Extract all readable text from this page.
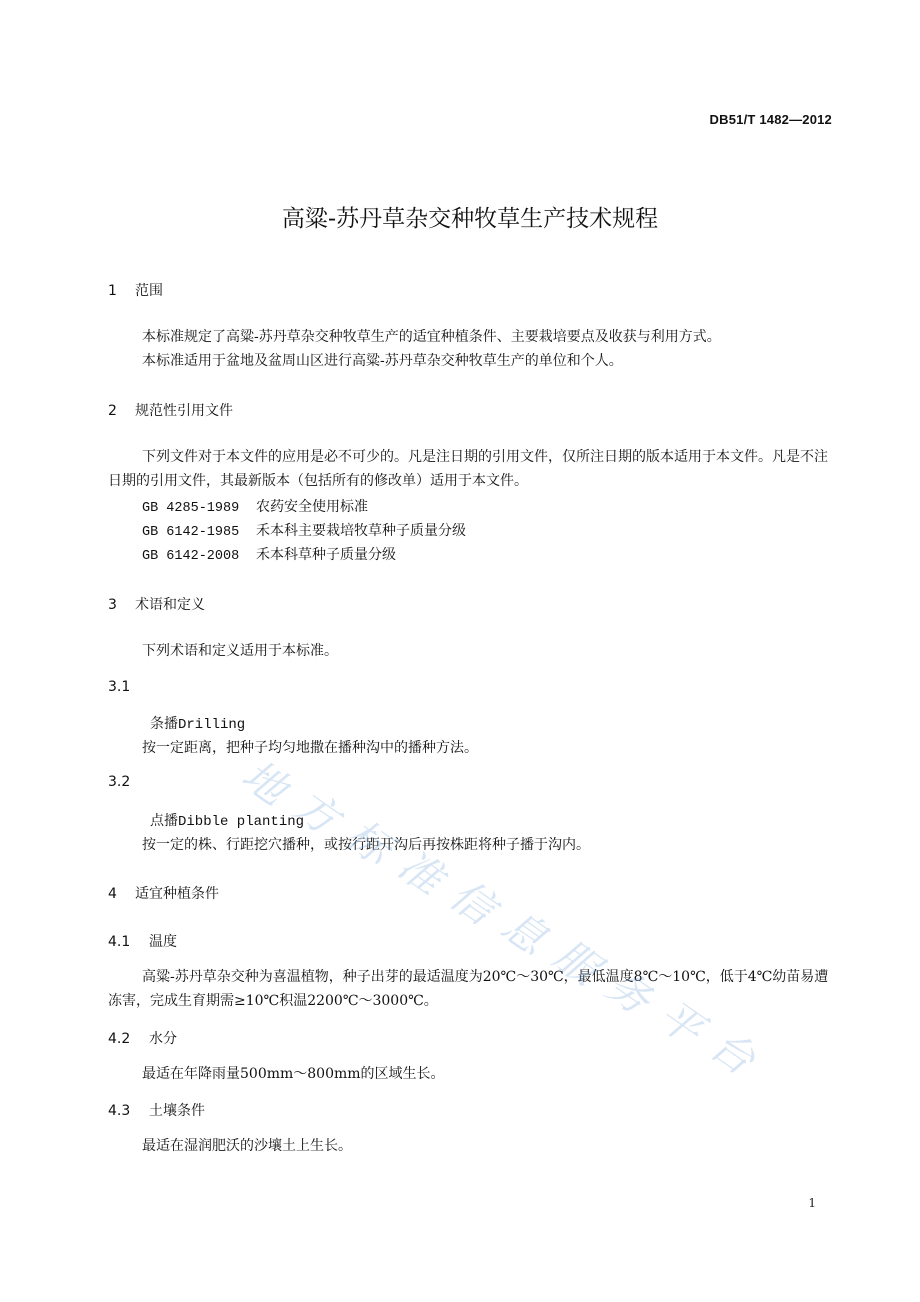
DB51/T 1482—2012
高粱-苏丹草杂交种牧草生产技术规程
1 范围
本标准规定了高粱-苏丹草杂交种牧草生产的适宜种植条件、主要栽培要点及收获与利用方式。
本标准适用于盆地及盆周山区进行高粱-苏丹草杂交种牧草生产的单位和个人。
2 规范性引用文件
下列文件对于本文件的应用是必不可少的。凡是注日期的引用文件，仅所注日期的版本适用于本文件。凡是不注日期的引用文件，其最新版本（包括所有的修改单）适用于本文件。
GB 4285-1989 农药安全使用标准
GB 6142-1985 禾本科主要栽培牧草种子质量分级
GB 6142-2008 禾本科草种子质量分级
3 术语和定义
下列术语和定义适用于本标准。
3.1
条播Drilling
按一定距离，把种子均匀地撒在播种沟中的播种方法。
3.2
点播Dibble planting
按一定的株、行距挖穴播种，或按行距开沟后再按株距将种子播于沟内。
4 适宜种植条件
4.1 温度
高粱-苏丹草杂交种为喜温植物，种子出芽的最适温度为20℃～30℃，最低温度8℃～10℃，低于4℃幼苗易遭冻害，完成生育期需≥10℃积温2200℃～3000℃。
4.2 水分
最适在年降雨量500mm～800mm的区域生长。
4.3 土壤条件
最适在湿润肥沃的沙壤土上生长。
地
方
标
准
信
息
服
务
平
台
1
